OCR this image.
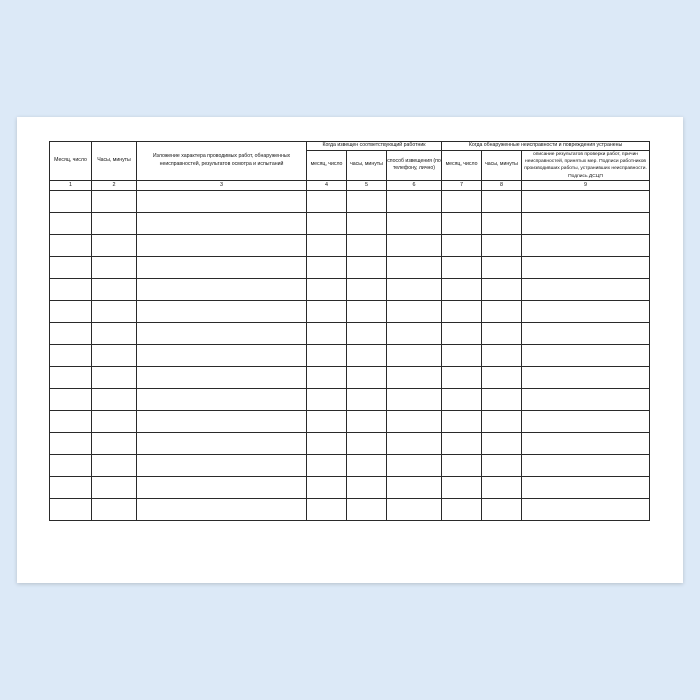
Месяц, число	Часы, минуты	Изложение характера проводимых работ, обнаруженных неисправностей, результатов осмотра и испытаний	Когда извещен соответствующий работник			Когда обнаруженные неисправности и повреждения устранены		
			месяц, число	часы, минуты	способ извещения (по телефону, лично)	месяц, число	часы, минуты	описание результатов проверки работ, причин неисправностей, принятых мер. Подписи работников производивших работы, устранивших неисправности. Подпись ДСЦП
1	2	3	4	5	6	7	8	9
